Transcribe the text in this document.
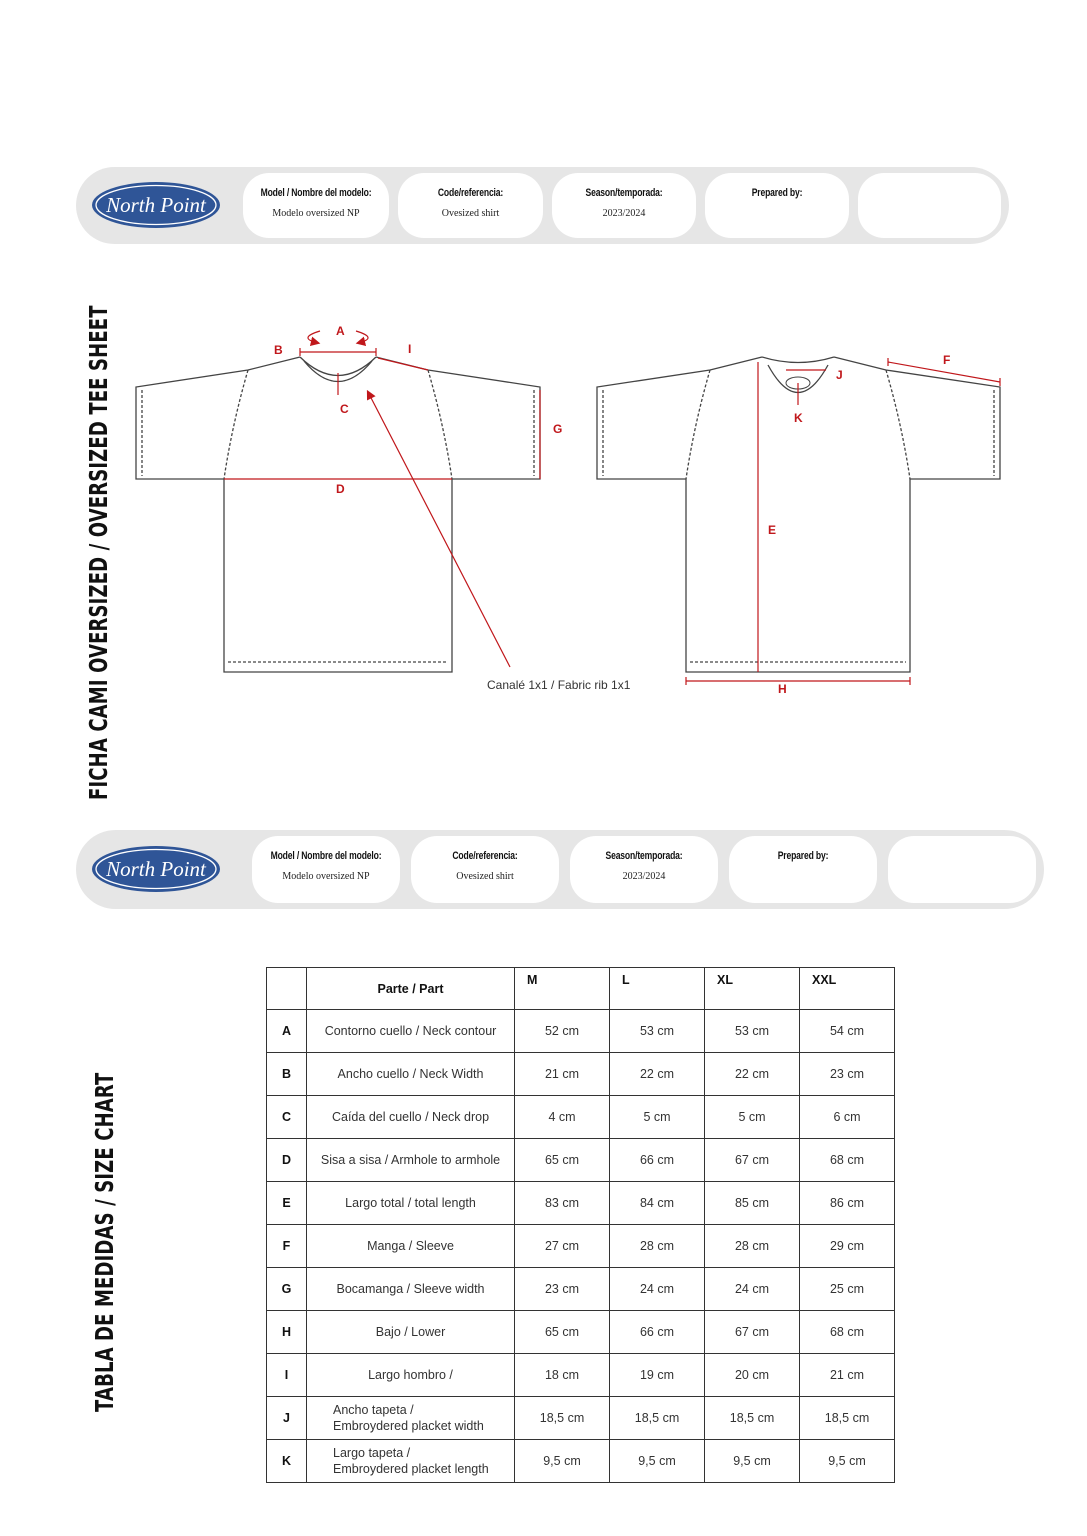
North Point	Model / Nombre del modelo:
Modelo oversized NP
Code/referencia:
Ovesized shirt
Season/temporada:
2023/2024
Prepared by:
FICHA CAMI OVERSIZED / OVERSIZED TEE SHEET	A
B
C
D
E
F
G
H
I
J
K
Canalé 1x1 / Fabric rib 1x1
North Point
Model / Nombre del modelo:
Modelo oversized NP
Code/referencia:
Ovesized shirt
Season/temporada:
2023/2024
Prepared by:
TABLA DE MEDIDAS / SIZE CHART
	Parte / Part	M	L	XL	XXL
A	Contorno cuello / Neck contour	52 cm	53 cm	53 cm	54 cm
B	Ancho cuello / Neck Width	21 cm	22 cm	22 cm	23 cm
C	Caída del cuello / Neck drop	4 cm	5 cm	5 cm	6 cm
D	Sisa a sisa / Armhole to armhole	65 cm	66 cm	67 cm	68 cm
E	Largo total / total length	83 cm	84 cm	85 cm	86 cm
F	Manga / Sleeve	27 cm	28 cm	28 cm	29 cm
G	Bocamanga / Sleeve width	23 cm	24 cm	24 cm	25 cm
H	Bajo / Lower	65 cm	66 cm	67 cm	68 cm
I	Largo hombro /	18 cm	19 cm	20 cm	21 cm
J	Ancho tapeta /
Embroydered placket width	18,5 cm	18,5 cm	18,5 cm	18,5 cm
K	Largo tapeta /
Embroydered placket length	9,5 cm	9,5 cm	9,5 cm	9,5 cm
